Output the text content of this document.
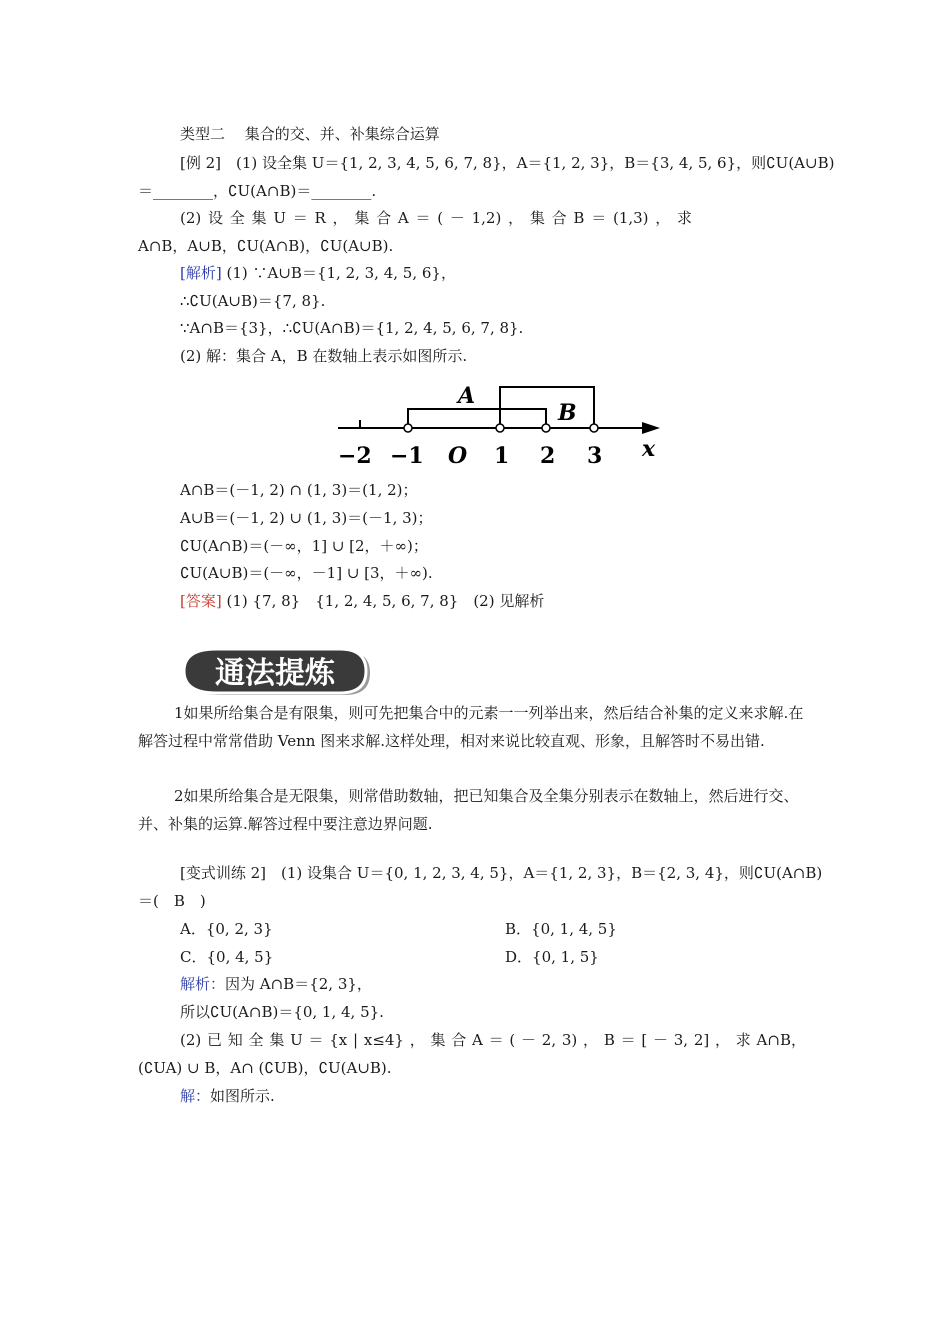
类型二　 集合的交、并、补集综合运算
[例 2]　(1) 设全集 U＝{1, 2, 3, 4, 5, 6, 7, 8}，A＝{1, 2, 3}，B＝{3, 4, 5, 6}，则∁U(A∪B)
＝________，∁U(A∩B)＝________.
(2) 设 全 集 U ＝ R ， 集 合 A ＝ ( － 1,2) ， 集 合 B ＝ (1,3) ， 求
A∩B，A∪B，∁U(A∩B)，∁U(A∪B).
[解析] (1) ∵A∪B＝{1, 2, 3, 4, 5, 6}，
∴∁U(A∪B)＝{7, 8}.
∵A∩B＝{3}，∴∁U(A∩B)＝{1, 2, 4, 5, 6, 7, 8}.
(2) 解：集合 A，B 在数轴上表示如图所示.
A
B
−2 −1 O 1 2 3 x
A∩B＝(－1, 2) ∩ (1, 3)＝(1, 2)；
A∪B＝(－1, 2) ∪ (1, 3)＝(－1, 3)；
∁U(A∩B)＝(－∞，1] ∪ [2，＋∞)；
∁U(A∪B)＝(－∞，－1] ∪ [3，＋∞).
[答案] (1) {7, 8}　{1, 2, 4, 5, 6, 7, 8}　(2) 见解析
通法提炼
1如果所给集合是有限集，则可先把集合中的元素一一列举出来，然后结合补集的定义来求解.在解答过程中常常借助 Venn 图来求解.这样处理，相对来说比较直观、形象，且解答时不易出错.
2如果所给集合是无限集，则常借助数轴，把已知集合及全集分别表示在数轴上，然后进行交、并、补集的运算.解答过程中要注意边界问题.
[变式训练 2]　(1) 设集合 U＝{0, 1, 2, 3, 4, 5}，A＝{1, 2, 3}，B＝{2, 3, 4}，则∁U(A∩B)
＝(　B　)
A．{0, 2, 3}	B．{0, 1, 4, 5}
C．{0, 4, 5}	D．{0, 1, 5}
解析：因为 A∩B＝{2, 3}，
所以∁U(A∩B)＝{0, 1, 4, 5}.
(2) 已 知 全 集 U ＝ {x | x≤4} ， 集 合 A ＝ ( － 2, 3) ， B ＝ [ － 3, 2] ， 求 A∩B，
(∁UA) ∪ B，A∩ (∁UB)，∁U(A∪B).
解：如图所示.
